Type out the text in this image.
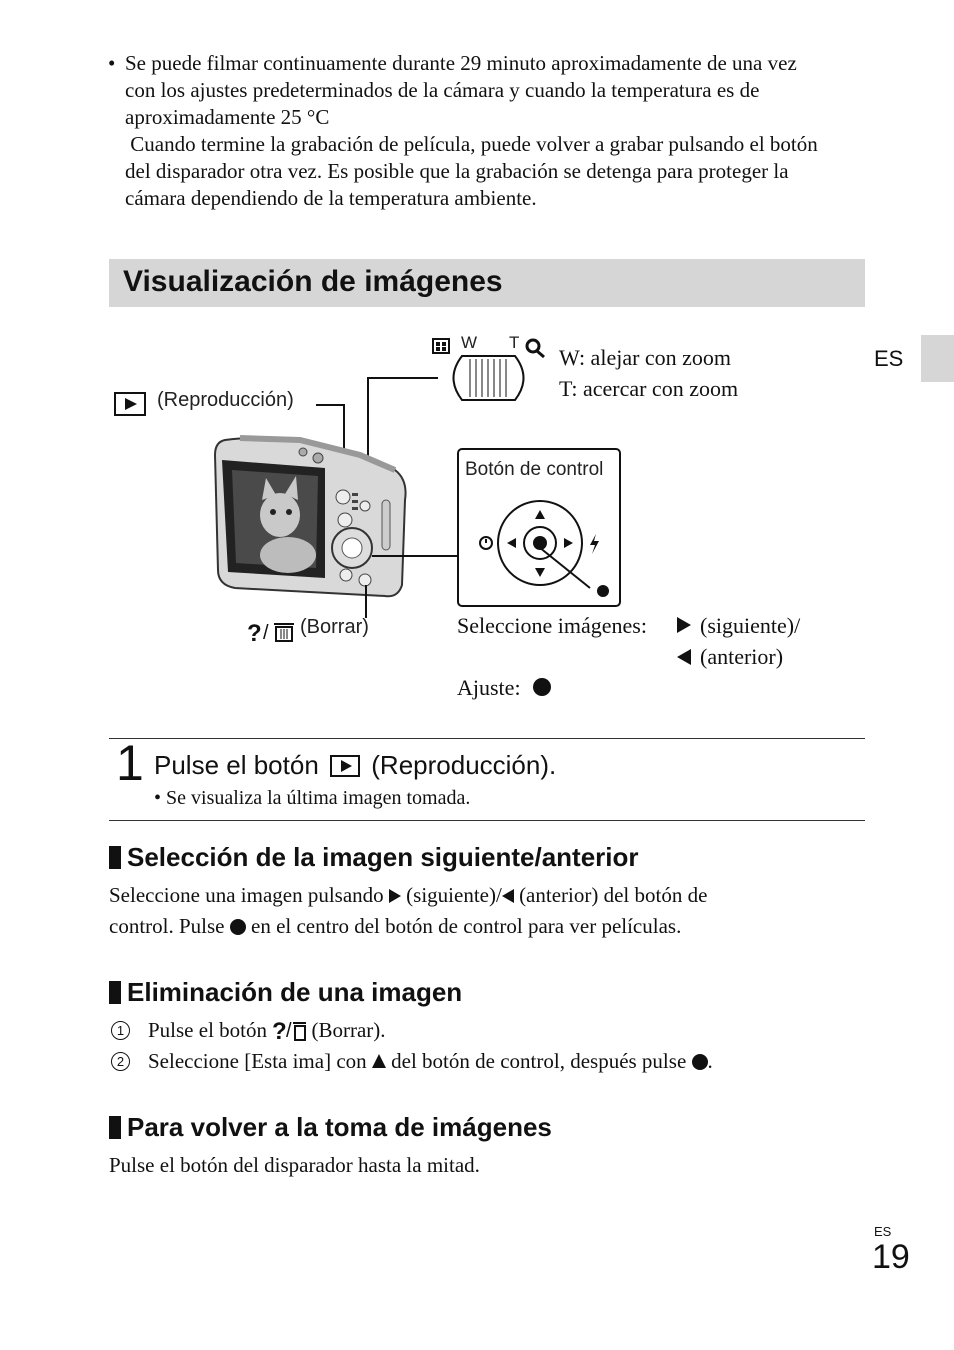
• Se puede filmar continuamente durante 29 minuto aproximadamente de una vez
con los ajustes predeterminados de la cámara y cuando la temperatura es de
aproximadamente 25 °C
Cuando termine la grabación de película, puede volver a grabar pulsando el botón
del disparador otra vez. Es posible que la grabación se detenga para proteger la
cámara dependiendo de la temperatura ambiente.
Visualización de imágenes
ES
? /
W T
W: alejar con zoom
T: acercar con zoom
(Reproducción)
Botón de control
(Borrar)	Seleccione imágenes: (siguiente)/
(anterior)
Ajuste:
1 Pulse el botón (Reproducción).
• Se visualiza la última imagen tomada.
Selección de la imagen siguiente/anterior
Seleccione una imagen pulsando (siguiente)/ (anterior) del botón de
control. Pulse en el centro del botón de control para ver películas.
Eliminación de una imagen
1 Pulse el botón ? / (Borrar).
2 Seleccione [Esta ima] con del botón de control, después pulse .
Para volver a la toma de imágenes
Pulse el botón del disparador hasta la mitad.
ES
19
